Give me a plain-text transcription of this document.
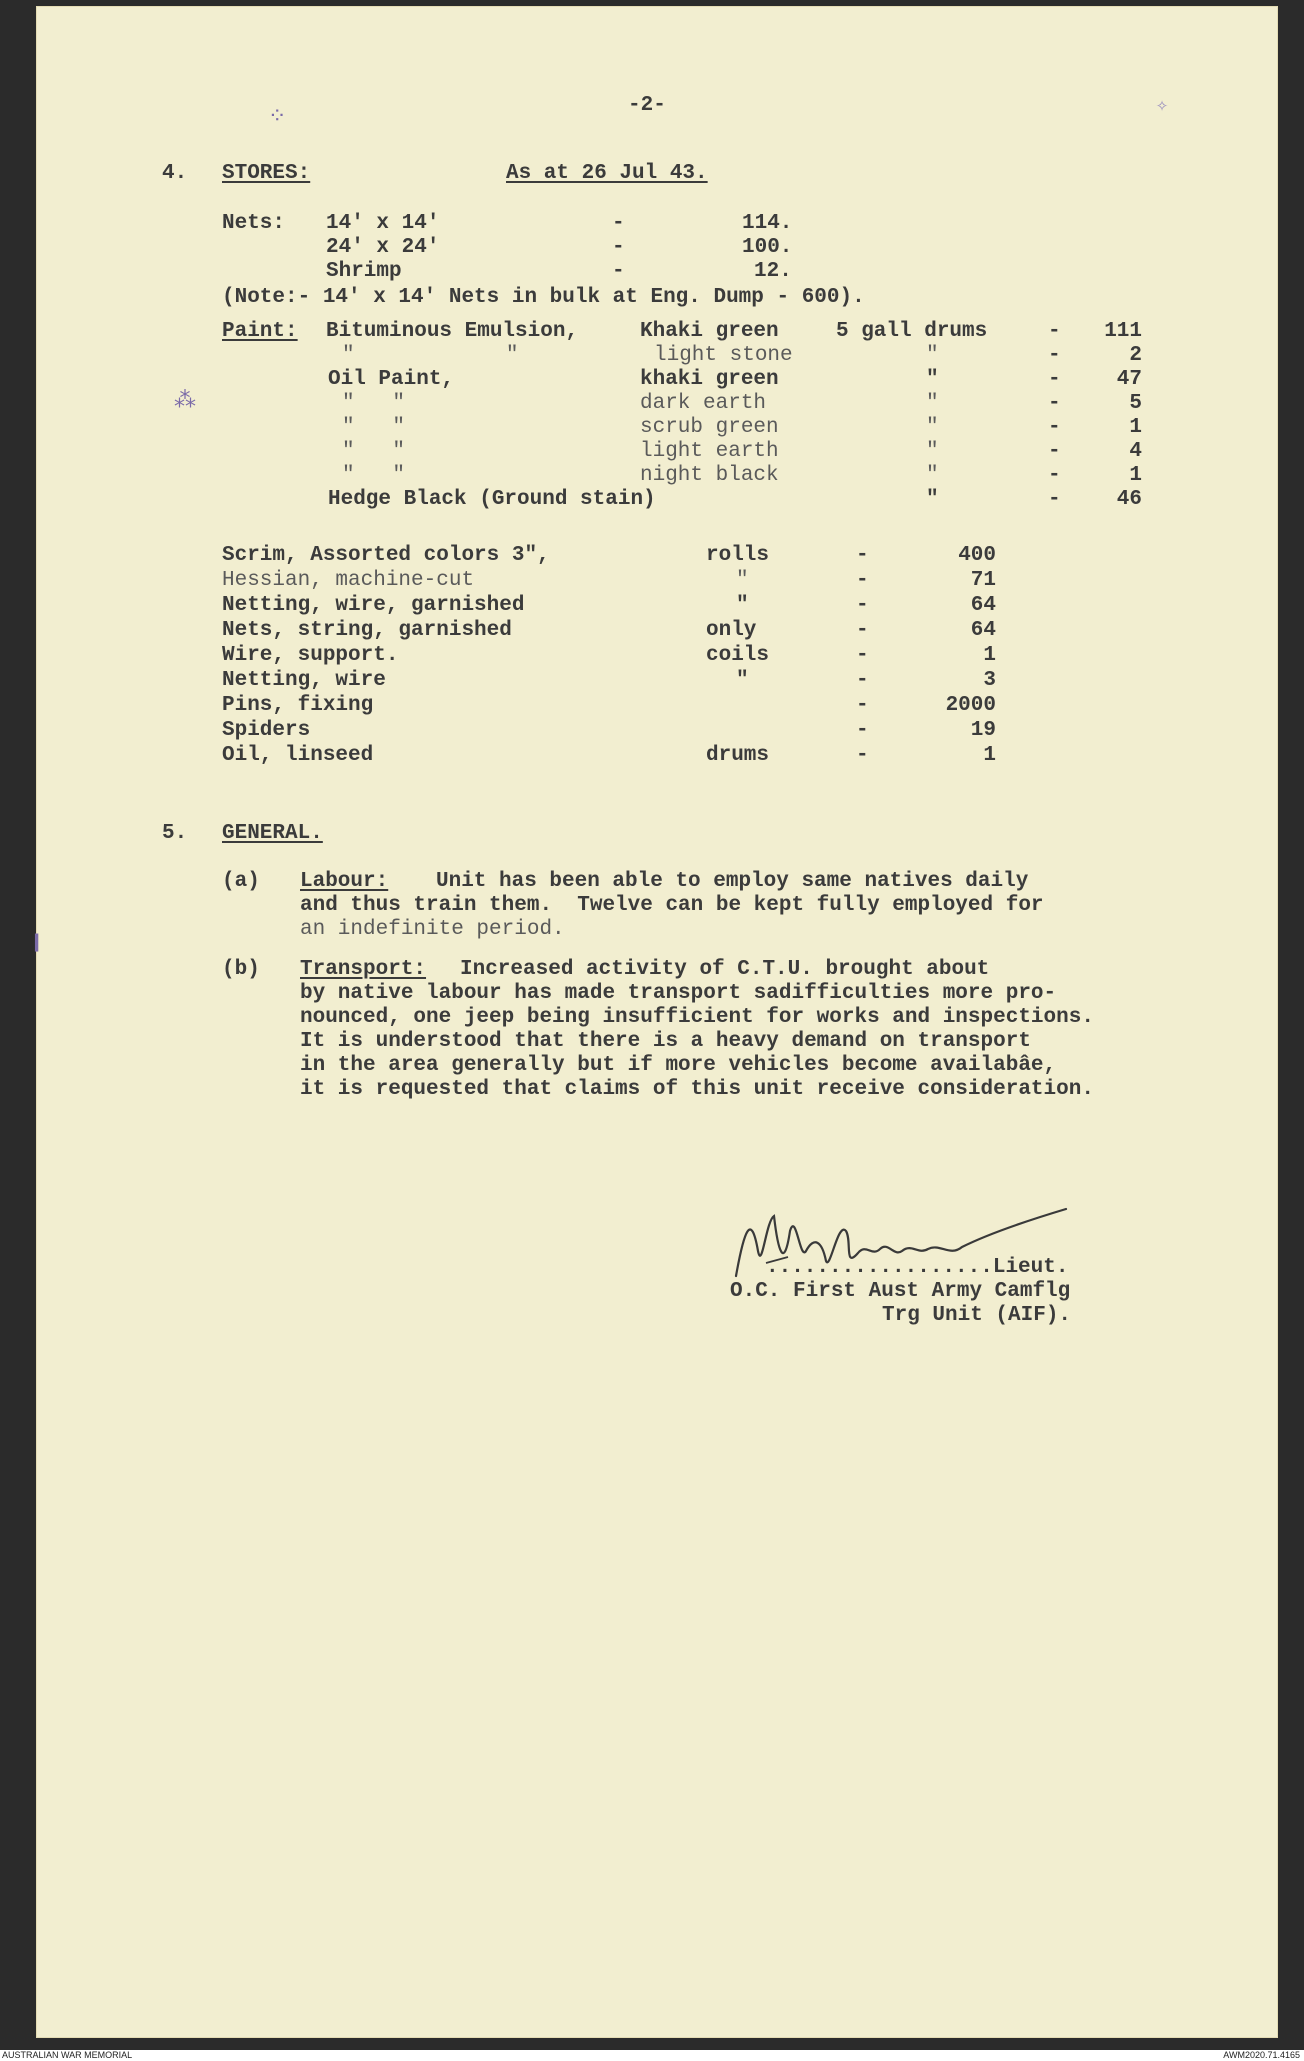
-2-	✧
⁘
4. STORES:	As at 26 Jul 43.
Nets: 14' x 14'	-	114.
24' x 24'	-	100.
Shrimp	-	12.
(Note:- 14' x 14' Nets in bulk at Eng. Dump - 600).
Paint:
⁂
Bituminous Emulsion,	Khaki green	5 gall drums	-	111
"            "	light stone	"	-	2
Oil Paint,	khaki green	"	-	47
"   "	dark earth	"	-	5
"   "	scrub green	"	-	1
"   "	light earth	"	-	4
"   "	night black	"	-	1
Hedge Black (Ground stain)	"	-	46
Scrim, Assorted colors 3",	rolls	-	400
Hessian, machine-cut	"	-	71
Netting, wire, garnished	"	-	64
Nets, string, garnished	only	-	64
Wire, support.	coils	-	1
Netting, wire	"	-	3
Pins, fixing	-	2000
Spiders	-	19
Oil, linseed	drums	-	1
5. GENERAL.
❙
(a) Labour: Unit has been able to employ same natives daily
and thus train them.  Twelve can be kept fully employed for
an indefinite period.
(b) Transport: Increased activity of C.T.U. brought about
by native labour has made transport sadifficulties more pro-
nounced, one jeep being insufficient for works and inspections.
It is understood that there is a heavy demand on transport
in the area generally but if more vehicles become availabâe,
it is requested that claims of this unit receive consideration.
..................Lieut.
O.C. First Aust Army Camflg
Trg Unit (AIF).
AUSTRALIAN WAR MEMORIAL	AWM2020.71.4165
